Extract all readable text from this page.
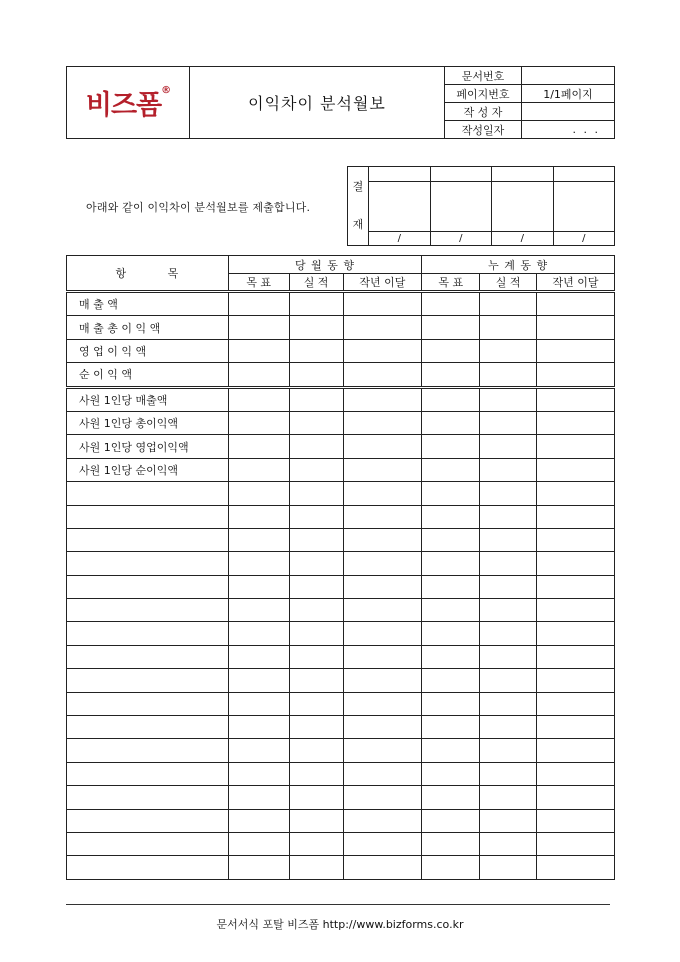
비즈폼®	이익차이 분석월보	문서번호	
		페이지번호	1/1페이지
		작 성 자	
		작성일자	. . .
아래와 같이 이익차이 분석월보를 제출합니다.
결
재				

	/	/	/	/
항         목	당 월 동 향			누 계 동 향		
	목 표	실 적	작년 이달	목 표	실 적	작년 이달
매 출 액						
매 출 총 이 익 액						
영 업 이 익 액						
순 이 익 액						
사원 1인당 매출액						
사원 1인당 총이익액						
사원 1인당 영업이익액						
사원 1인당 순이익액						

문서서식 포탈 비즈폼 http://www.bizforms.co.kr
